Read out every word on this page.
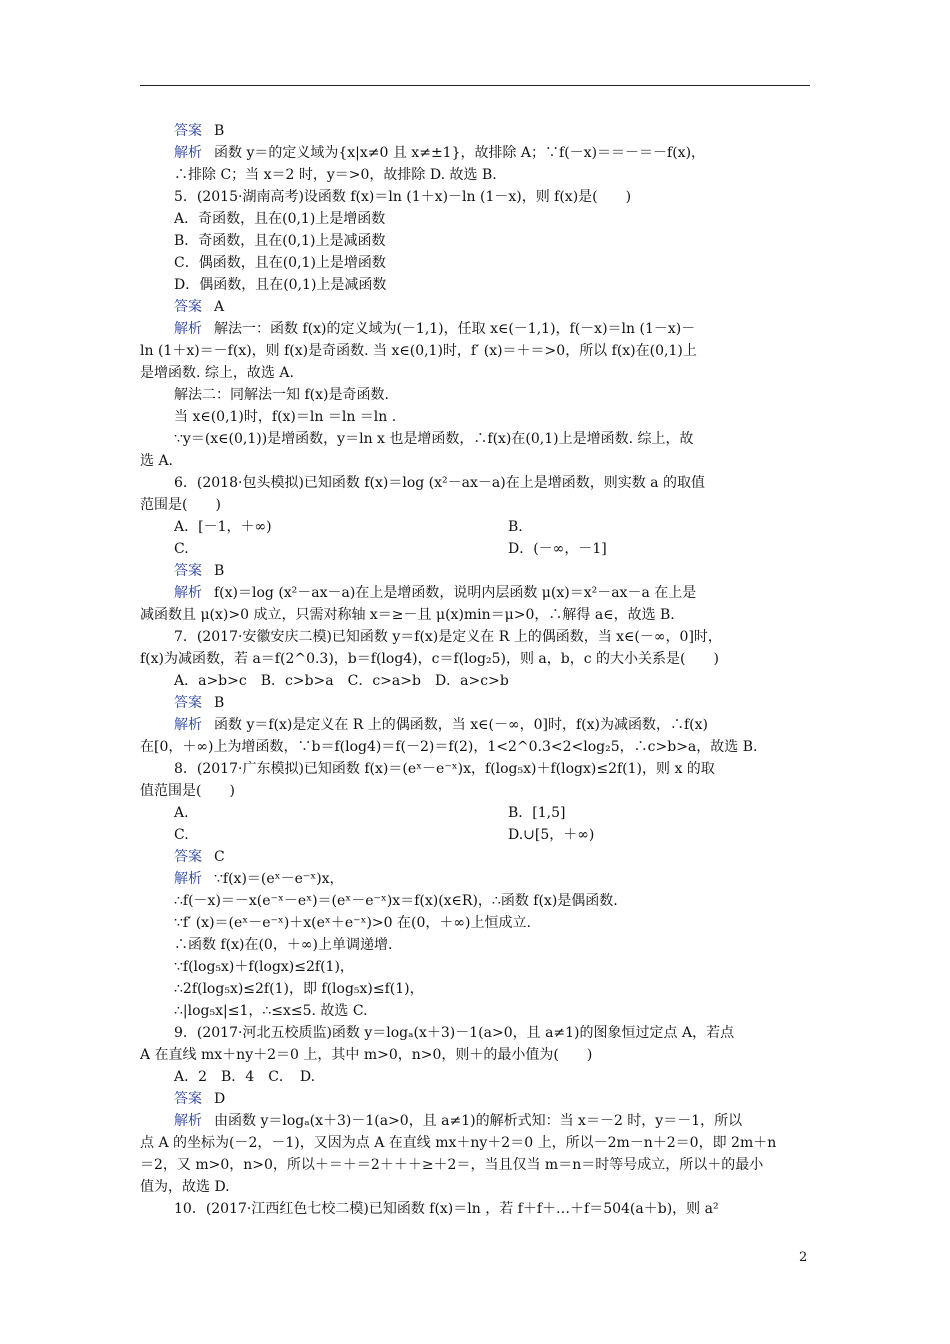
答案 B
解析 函数 y＝的定义域为{x|x≠0 且 x≠±1}，故排除 A；∵f(－x)＝＝－＝－f(x)，
∴排除 C；当 x＝2 时，y＝>0，故排除 D. 故选 B.
5．(2015·湖南高考)设函数 f(x)＝ln (1＋x)－ln (1－x)，则 f(x)是(　　)
A．奇函数，且在(0,1)上是增函数
B．奇函数，且在(0,1)上是减函数
C．偶函数，且在(0,1)上是增函数
D．偶函数，且在(0,1)上是减函数
答案 A
解析 解法一：函数 f(x)的定义域为(－1,1)，任取 x∈(－1,1)，f(－x)＝ln (1－x)－
ln (1＋x)＝－f(x)，则 f(x)是奇函数. 当 x∈(0,1)时，f′ (x)＝＋＝>0，所以 f(x)在(0,1)上
是增函数. 综上，故选 A.
解法二：同解法一知 f(x)是奇函数.
当 x∈(0,1)时，f(x)＝ln ＝ln ＝ln .
∵y＝(x∈(0,1))是增函数，y＝ln x 也是增函数，∴f(x)在(0,1)上是增函数. 综上，故
选 A.
6．(2018·包头模拟)已知函数 f(x)＝log (x²－ax－a)在上是增函数，则实数 a 的取值
范围是(　　)
A．[－1，＋∞)	B.
C.	D．(－∞，－1]
答案 B
解析 f(x)＝log (x²－ax－a)在上是增函数，说明内层函数 μ(x)＝x²－ax－a 在上是
减函数且 μ(x)>0 成立，只需对称轴 x＝≥－且 μ(x)min＝μ>0，∴解得 a∈，故选 B.
7．(2017·安徽安庆二模)已知函数 y＝f(x)是定义在 R 上的偶函数，当 x∈(－∞，0]时，
f(x)为减函数，若 a＝f(2^0.3)，b＝f(log4)，c＝f(log₂5)，则 a，b，c 的大小关系是(　　)
A．a>b>c　B．c>b>a　C．c>a>b　D．a>c>b
答案 B
解析 函数 y＝f(x)是定义在 R 上的偶函数，当 x∈(－∞，0]时，f(x)为减函数，∴f(x)
在[0，＋∞)上为增函数，∵b＝f(log4)＝f(－2)＝f(2)，1<2^0.3<2<log₂5，∴c>b>a，故选 B.
8．(2017·广东模拟)已知函数 f(x)＝(eˣ－e⁻ˣ)x，f(log₅x)＋f(logx)≤2f(1)，则 x 的取
值范围是(　　)
A.	B．[1,5]
C.	D.∪[5，＋∞)
答案 C
解析 ∵f(x)＝(eˣ－e⁻ˣ)x，
∴f(－x)＝－x(e⁻ˣ－eˣ)＝(eˣ－e⁻ˣ)x＝f(x)(x∈R)，∴函数 f(x)是偶函数.
∵f′ (x)＝(eˣ－e⁻ˣ)＋x(eˣ＋e⁻ˣ)>0 在(0，＋∞)上恒成立.
∴函数 f(x)在(0，＋∞)上单调递增.
∵f(log₅x)＋f(logx)≤2f(1)，
∴2f(log₅x)≤2f(1)，即 f(log₅x)≤f(1)，
∴|log₅x|≤1，∴≤x≤5. 故选 C.
9．(2017·河北五校质监)函数 y＝logₐ(x＋3)－1(a>0，且 a≠1)的图象恒过定点 A，若点
A 在直线 mx＋ny＋2＝0 上，其中 m>0，n>0，则＋的最小值为(　　)
A．2　B．4　C．　D.
答案 D
解析 由函数 y＝logₐ(x＋3)－1(a>0，且 a≠1)的解析式知：当 x＝－2 时，y＝－1，所以
点 A 的坐标为(－2，－1)，又因为点 A 在直线 mx＋ny＋2＝0 上，所以－2m－n＋2＝0，即 2m＋n
＝2，又 m>0，n>0，所以＋＝＋＝2＋＋＋≥＋2＝，当且仅当 m＝n＝时等号成立，所以＋的最小
值为，故选 D.
10．(2017·江西红色七校二模)已知函数 f(x)＝ln ，若 f＋f＋…＋f＝504(a＋b)，则 a²
2
